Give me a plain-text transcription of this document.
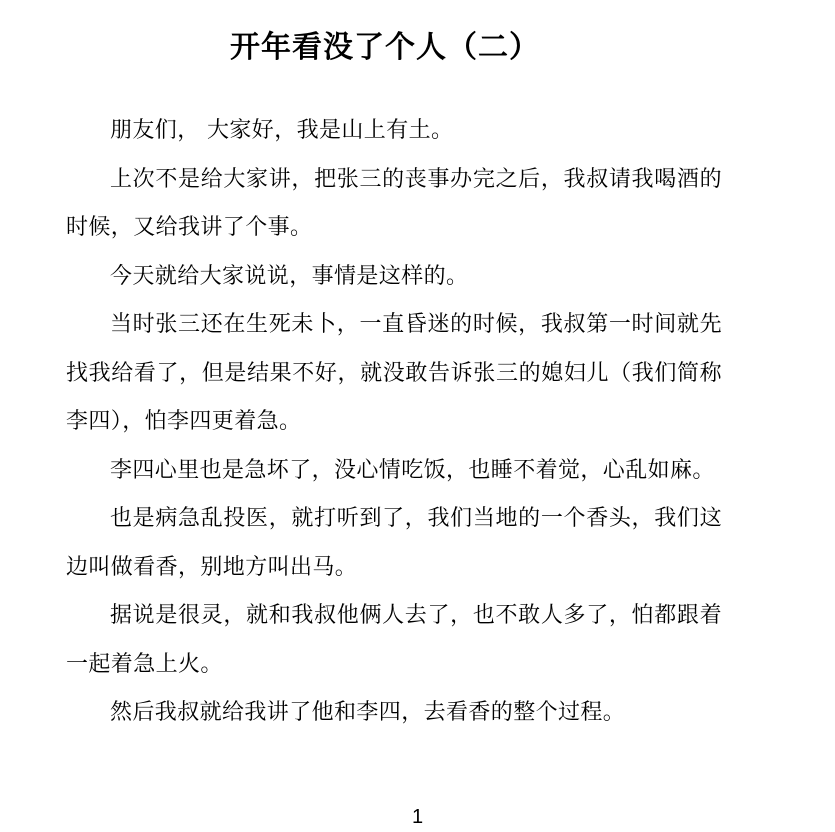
开年看没了个人（二）

朋友们， 大家好，我是山上有土。

上次不是给大家讲，把张三的丧事办完之后，我叔请我喝酒的时候，又给我讲了个事。

今天就给大家说说，事情是这样的。

当时张三还在生死未卜，一直昏迷的时候，我叔第一时间就先找我给看了，但是结果不好，就没敢告诉张三的媳妇儿（我们简称李四），怕李四更着急。

李四心里也是急坏了，没心情吃饭，也睡不着觉，心乱如麻。

也是病急乱投医，就打听到了，我们当地的一个香头，我们这边叫做看香，别地方叫出马。

据说是很灵，就和我叔他俩人去了，也不敢人多了，怕都跟着一起着急上火。

然后我叔就给我讲了他和李四，去看香的整个过程。

1
